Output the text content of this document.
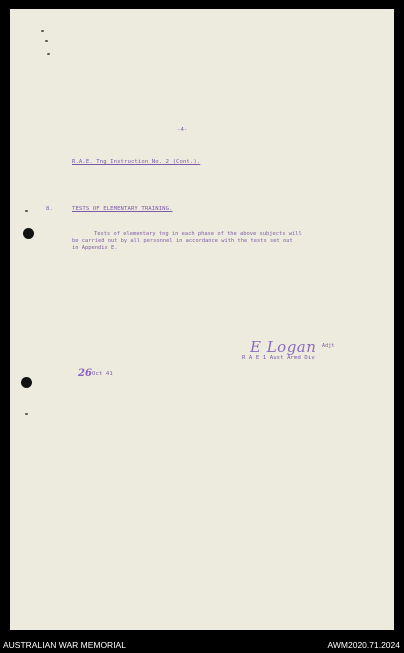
-4-
R.A.E. Tng Instruction No. 2 (Cont.).
8.	TESTS OF ELEMENTARY TRAINING.
Tests of elementary tng in each phase of the above subjects will
be carried out by all personnel in accordance with the tests set out
in Appendix E.
E Logan Adjt
R A E 1 Aust Armd Div
26 Oct 41
AUSTRALIAN WAR MEMORIAL	AWM2020.71.2024
